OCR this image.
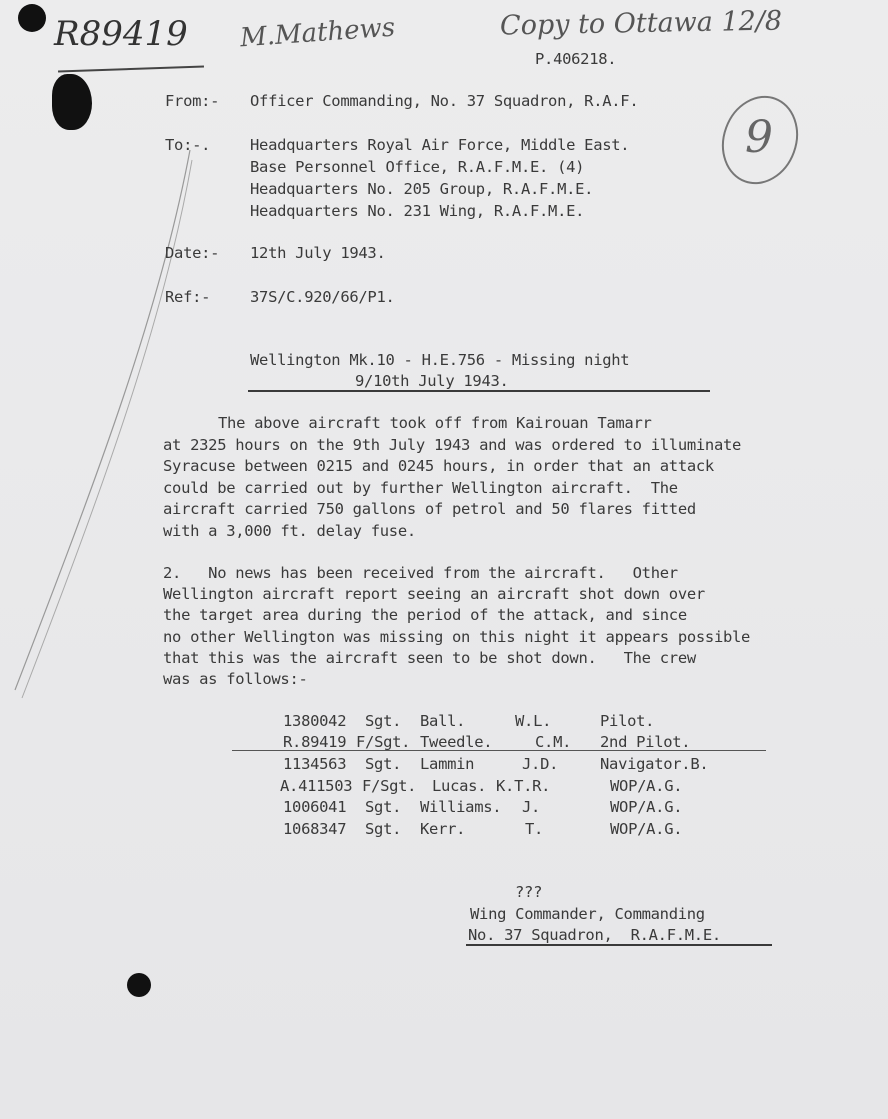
R89419 M.Mathews	Copy to Ottawa 12/8
9
P.406218.
From:- Officer Commanding, No. 37 Squadron, R.A.F.
To:-.	Headquarters Royal Air Force, Middle East.
Base Personnel Office, R.A.F.M.E. (4)
Headquarters No. 205 Group, R.A.F.M.E.
Headquarters No. 231 Wing, R.A.F.M.E.
Date:- 12th July 1943.
Ref:-	37S/C.920/66/P1.
Wellington Mk.10 - H.E.756 - Missing night
9/10th July 1943.
The above aircraft took off from Kairouan Tamarr
at 2325 hours on the 9th July 1943 and was ordered to illuminate
Syracuse between 0215 and 0245 hours, in order that an attack
could be carried out by further Wellington aircraft.  The
aircraft carried 750 gallons of petrol and 50 flares fitted
with a 3,000 ft. delay fuse.
2.   No news has been received from the aircraft.   Other
Wellington aircraft report seeing an aircraft shot down over
the target area during the period of the attack, and since
no other Wellington was missing on this night it appears possible
that this was the aircraft seen to be shot down.   The crew
was as follows:-
1380042 Sgt. Ball.	W.L.	Pilot.
R.89419 F/Sgt. Tweedle.	C.M. 2nd Pilot.
1134563 Sgt. Lammin	J.D.	Navigator.B.
A.411503 F/Sgt. Lucas. K.T.R.	WOP/A.G.
1006041 Sgt. Williams. J.	WOP/A.G.
1068347 Sgt. Kerr.	T.	WOP/A.G.
???
Wing Commander, Commanding
No. 37 Squadron,  R.A.F.M.E.
